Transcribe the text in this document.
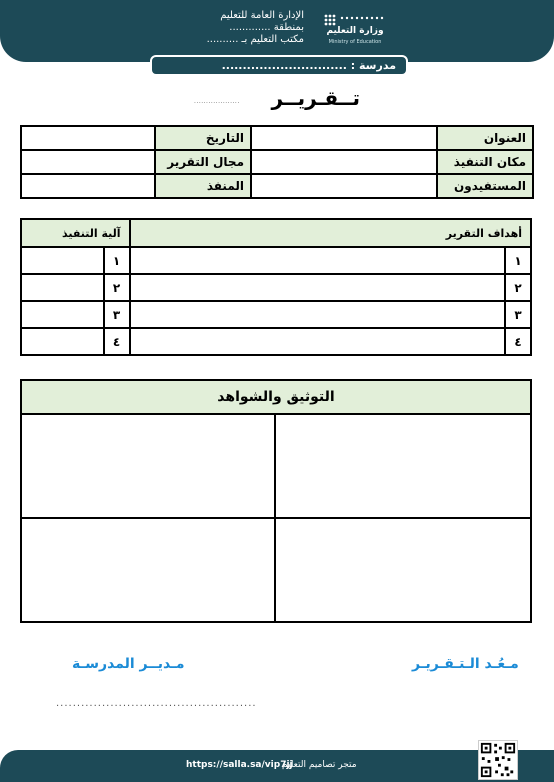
وزارة التعليم
Ministry of Education
الإدارة العامة للتعليم
بمنطقة .............
مكتب التعليم بـ ..........
مدرسة : ..............................
...................	تــقـريــر
العنوان		التاريخ	
مكان التنفيذ		مجال التقرير	
المستفيدون		المنفذ	
أهداف التقرير		آلية التنفيذ	
١		١	
٢		٢	
٣		٣	
٤		٤	
التوثيق والشواهد	

مـعُـد الـتـقـريـر
مـديــر المدرسـة
................................................
https://salla.sa/vip7jj
متجر تصاميم التعليم
